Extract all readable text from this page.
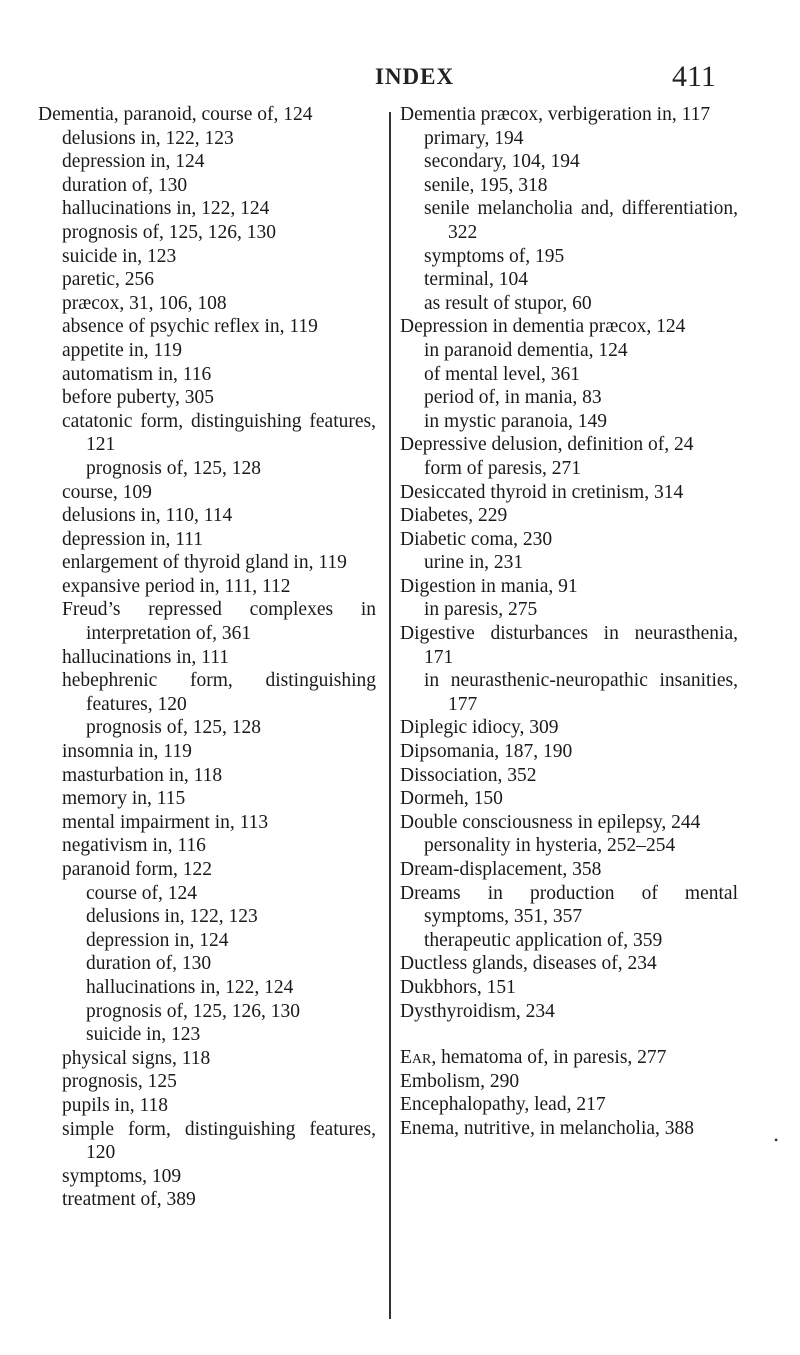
INDEX	411

Dementia, paranoid, course of, 124

delusions in, 122, 123

depression in, 124

duration of, 130

hallucinations in, 122, 124

prognosis of, 125, 126, 130

suicide in, 123

paretic, 256

præcox, 31, 106, 108

absence of psychic reflex in, 119

appetite in, 119

automatism in, 116

before puberty, 305

catatonic form, distinguishing features, 121

prognosis of, 125, 128

course, 109

delusions in, 110, 114

depression in, 111

enlargement of thyroid gland in, 119

expansive period in, 111, 112

Freud’s repressed complexes in interpretation of, 361

hallucinations in, 111

hebephrenic form, distinguishing features, 120

prognosis of, 125, 128

insomnia in, 119

masturbation in, 118

memory in, 115

mental impairment in, 113

negativism in, 116

paranoid form, 122

course of, 124

delusions in, 122, 123

depression in, 124

duration of, 130

hallucinations in, 122, 124

prognosis of, 125, 126, 130

suicide in, 123

physical signs, 118

prognosis, 125

pupils in, 118

simple form, distinguishing features, 120

symptoms, 109

treatment of, 389

Dementia præcox, verbigeration in, 117

primary, 194

secondary, 104, 194

senile, 195, 318

senile melancholia and, differentiation, 322

symptoms of, 195

terminal, 104

as result of stupor, 60

Depression in dementia præcox, 124

in paranoid dementia, 124

of mental level, 361

period of, in mania, 83

in mystic paranoia, 149

Depressive delusion, definition of, 24

form of paresis, 271

Desiccated thyroid in cretinism, 314

Diabetes, 229

Diabetic coma, 230

urine in, 231

Digestion in mania, 91

in paresis, 275

Digestive disturbances in neurasthenia, 171

in neurasthenic-neuropathic insanities, 177

Diplegic idiocy, 309

Dipsomania, 187, 190

Dissociation, 352

Dormeh, 150

Double consciousness in epilepsy, 244

personality in hysteria, 252–254

Dream-displacement, 358

Dreams in production of mental symptoms, 351, 357

therapeutic application of, 359

Ductless glands, diseases of, 234

Dukbhors, 151

Dysthyroidism, 234

Ear, hematoma of, in paresis, 277

Embolism, 290

Encephalopathy, lead, 217

Enema, nutritive, in melancholia, 388

•
